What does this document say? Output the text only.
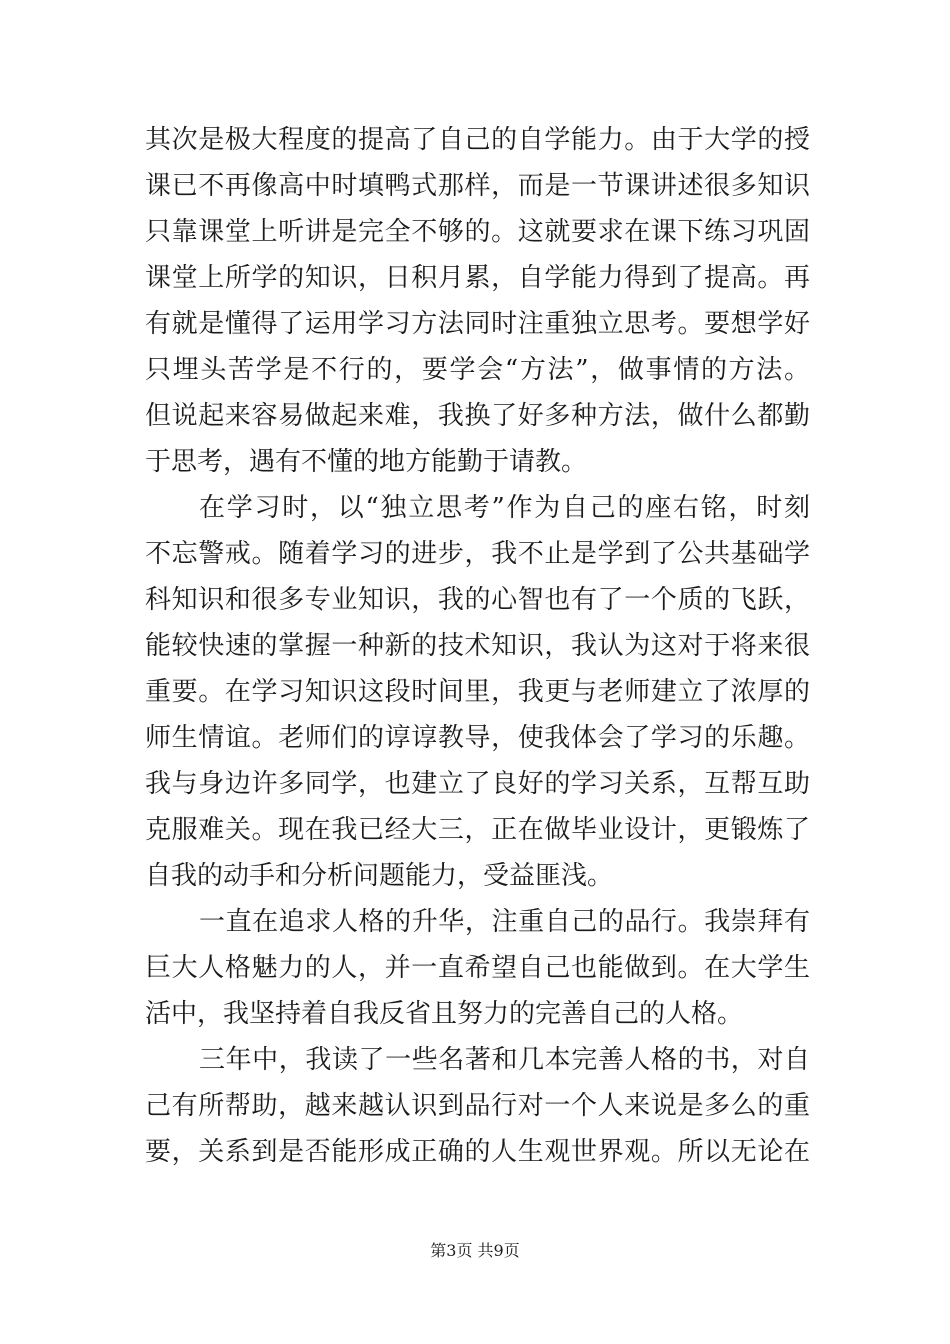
其次是极大程度的提高了自己的自学能力。由于大学的授
课已不再像高中时填鸭式那样，而是一节课讲述很多知识
只靠课堂上听讲是完全不够的。这就要求在课下练习巩固
课堂上所学的知识，日积月累，自学能力得到了提高。再
有就是懂得了运用学习方法同时注重独立思考。要想学好
只埋头苦学是不行的，要学会“方法”，做事情的方法。
但说起来容易做起来难，我换了好多种方法，做什么都勤
于思考，遇有不懂的地方能勤于请教。
在学习时，以“独立思考”作为自己的座右铭，时刻
不忘警戒。随着学习的进步，我不止是学到了公共基础学
科知识和很多专业知识，我的心智也有了一个质的飞跃，
能较快速的掌握一种新的技术知识，我认为这对于将来很
重要。在学习知识这段时间里，我更与老师建立了浓厚的
师生情谊。老师们的谆谆教导，使我体会了学习的乐趣。
我与身边许多同学，也建立了良好的学习关系，互帮互助
克服难关。现在我已经大三，正在做毕业设计，更锻炼了
自我的动手和分析问题能力，受益匪浅。
一直在追求人格的升华，注重自己的品行。我崇拜有
巨大人格魅力的人，并一直希望自己也能做到。在大学生
活中，我坚持着自我反省且努力的完善自己的人格。
三年中，我读了一些名著和几本完善人格的书，对自
己有所帮助，越来越认识到品行对一个人来说是多么的重
要，关系到是否能形成正确的人生观世界观。所以无论在
第3页 共9页
